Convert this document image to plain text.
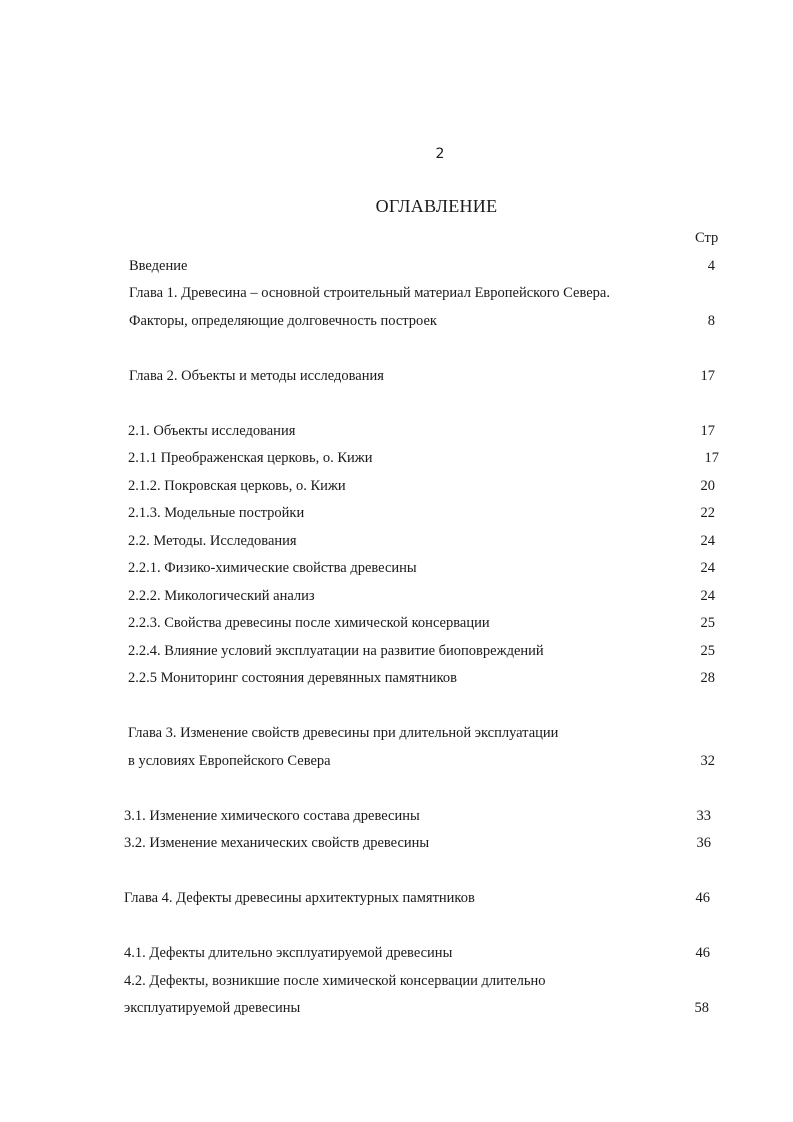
2
ОГЛАВЛЕНИЕ
Стр
Введение	4
Глава 1. Древесина – основной строительный материал Европейского Севера.
Факторы, определяющие долговечность построек	8
Глава 2. Объекты и методы исследования	17
2.1. Объекты исследования	17
2.1.1 Преображенская церковь, о. Кижи	17
2.1.2. Покровская церковь, о. Кижи	20
2.1.3. Модельные постройки	22
2.2. Методы. Исследования	24
2.2.1. Физико-химические свойства древесины	24
2.2.2. Микологический анализ	24
2.2.3. Свойства древесины после химической консервации	25
2.2.4. Влияние условий эксплуатации на развитие биоповреждений	25
2.2.5 Мониторинг состояния деревянных памятников	28
Глава 3. Изменение свойств древесины при длительной эксплуатации
в условиях Европейского Севера	32
3.1. Изменение химического состава древесины	33
3.2. Изменение механических свойств древесины	36
Глава 4. Дефекты древесины архитектурных памятников	46
4.1. Дефекты длительно эксплуатируемой древесины	46
4.2. Дефекты, возникшие после химической консервации длительно
эксплуатируемой древесины	58
